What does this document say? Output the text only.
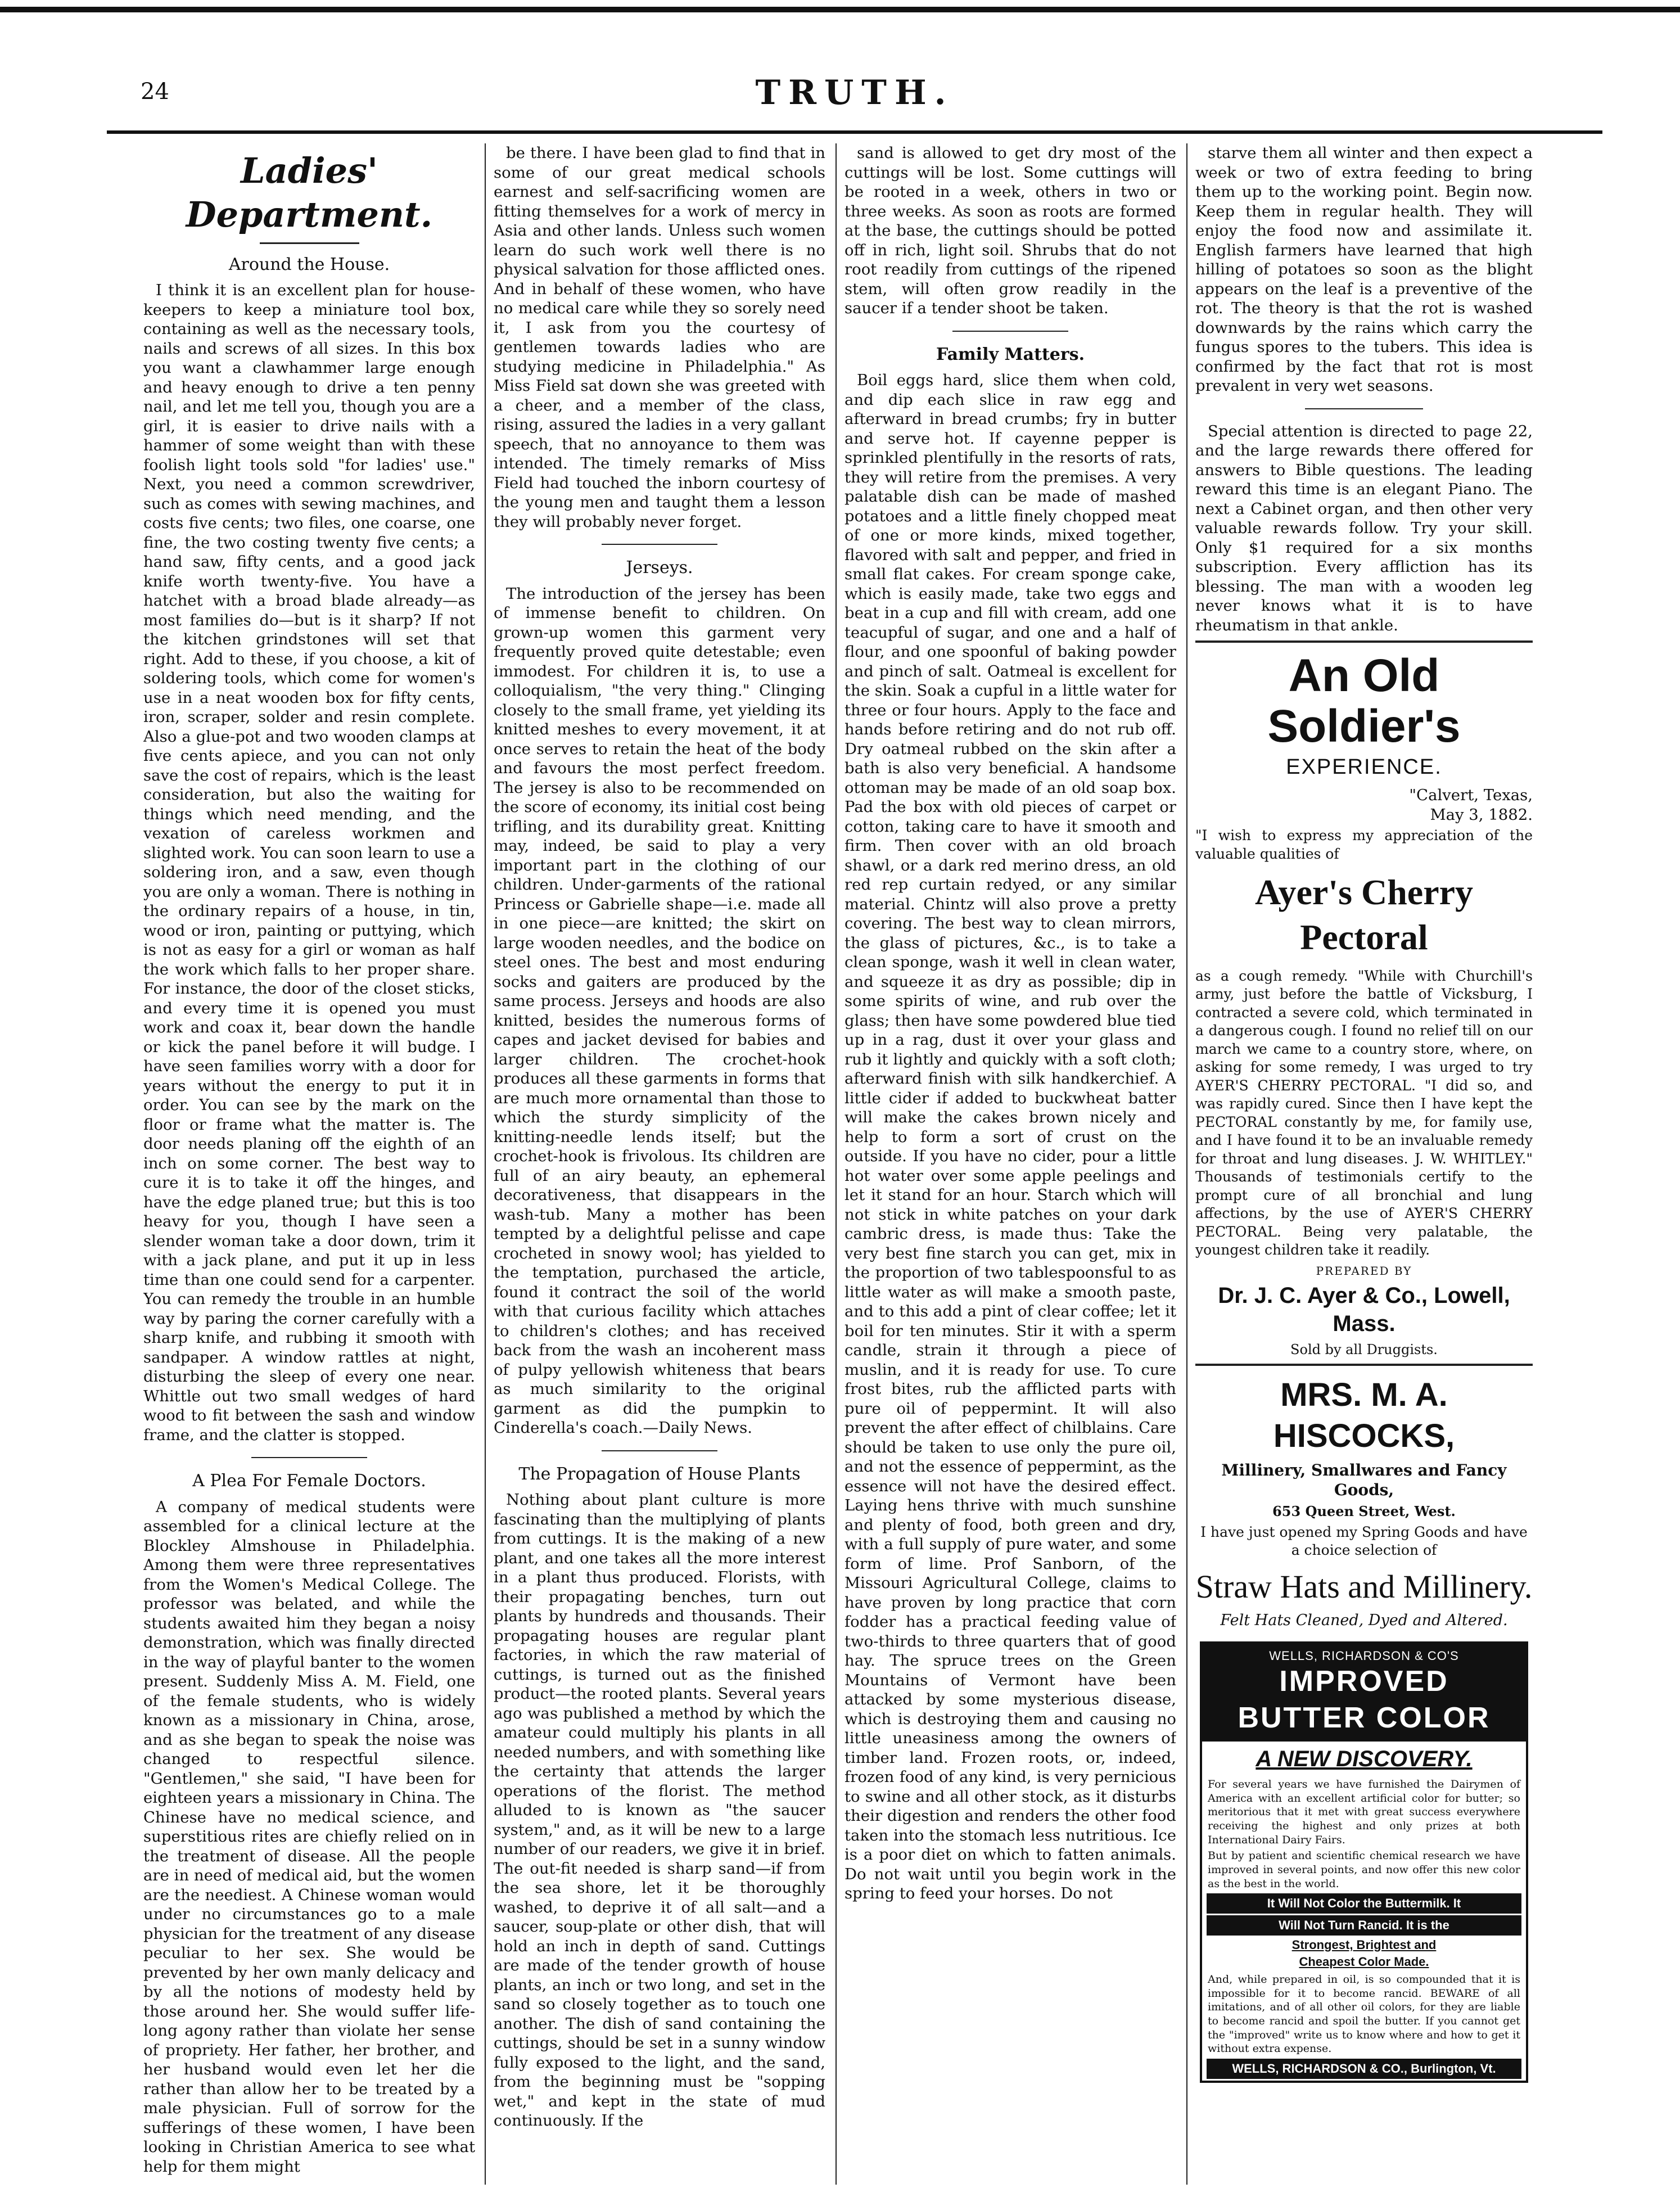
24	TRUTH.
Ladies' Department.
Around the House.

I think it is an excellent plan for house-keepers to keep a miniature tool box, containing as well as the necessary tools, nails and screws of all sizes. In this box you want a clawhammer large enough and heavy enough to drive a ten penny nail, and let me tell you, though you are a girl, it is easier to drive nails with a hammer of some weight than with these foolish light tools sold "for ladies' use." Next, you need a common screwdriver, such as comes with sewing machines, and costs five cents; two files, one coarse, one fine, the two costing twenty five cents; a hand saw, fifty cents, and a good jack knife worth twenty-five. You have a hatchet with a broad blade already—as most families do—but is it sharp? If not the kitchen grindstones will set that right. Add to these, if you choose, a kit of soldering tools, which come for women's use in a neat wooden box for fifty cents, iron, scraper, solder and resin complete. Also a glue-pot and two wooden clamps at five cents apiece, and you can not only save the cost of repairs, which is the least consideration, but also the waiting for things which need mending, and the vexation of careless workmen and slighted work. You can soon learn to use a soldering iron, and a saw, even though you are only a woman. There is nothing in the ordinary repairs of a house, in tin, wood or iron, painting or puttying, which is not as easy for a girl or woman as half the work which falls to her proper share. For instance, the door of the closet sticks, and every time it is opened you must work and coax it, bear down the handle or kick the panel before it will budge. I have seen families worry with a door for years without the energy to put it in order. You can see by the mark on the floor or frame what the matter is. The door needs planing off the eighth of an inch on some corner. The best way to cure it is to take it off the hinges, and have the edge planed true; but this is too heavy for you, though I have seen a slender woman take a door down, trim it with a jack plane, and put it up in less time than one could send for a carpenter. You can remedy the trouble in an humble way by paring the corner carefully with a sharp knife, and rubbing it smooth with sandpaper. A window rattles at night, disturbing the sleep of every one near. Whittle out two small wedges of hard wood to fit between the sash and window frame, and the clatter is stopped.

A Plea For Female Doctors.

A company of medical students were assembled for a clinical lecture at the Blockley Almshouse in Philadelphia. Among them were three representatives from the Women's Medical College. The professor was belated, and while the students awaited him they began a noisy demonstration, which was finally directed in the way of playful banter to the women present. Suddenly Miss A. M. Field, one of the female students, who is widely known as a missionary in China, arose, and as she began to speak the noise was changed to respectful silence. "Gentlemen," she said, "I have been for eighteen years a missionary in China. The Chinese have no medical science, and superstitious rites are chiefly relied on in the treatment of disease. All the people are in need of medical aid, but the women are the neediest. A Chinese woman would under no circumstances go to a male physician for the treatment of any disease peculiar to her sex. She would be prevented by her own manly delicacy and by all the notions of modesty held by those around her. She would suffer life-long agony rather than violate her sense of propriety. Her father, her brother, and her husband would even let her die rather than allow her to be treated by a male physician. Full of sorrow for the sufferings of these women, I have been looking in Christian America to see what help for them might

be there. I have been glad to find that in some of our great medical schools earnest and self-sacrificing women are fitting themselves for a work of mercy in Asia and other lands. Unless such women learn do such work well there is no physical salvation for those afflicted ones. And in behalf of these women, who have no medical care while they so sorely need it, I ask from you the courtesy of gentlemen towards ladies who are studying medicine in Philadelphia." As Miss Field sat down she was greeted with a cheer, and a member of the class, rising, assured the ladies in a very gallant speech, that no annoyance to them was intended. The timely remarks of Miss Field had touched the inborn courtesy of the young men and taught them a lesson they will probably never forget.

Jerseys.

The introduction of the jersey has been of immense benefit to children. On grown-up women this garment very frequently proved quite detestable; even immodest. For children it is, to use a colloquialism, "the very thing." Clinging closely to the small frame, yet yielding its knitted meshes to every movement, it at once serves to retain the heat of the body and favours the most perfect freedom. The jersey is also to be recommended on the score of economy, its initial cost being trifling, and its durability great. Knitting may, indeed, be said to play a very important part in the clothing of our children. Under-garments of the rational Princess or Gabrielle shape—i.e. made all in one piece—are knitted; the skirt on large wooden needles, and the bodice on steel ones. The best and most enduring socks and gaiters are produced by the same process. Jerseys and hoods are also knitted, besides the numerous forms of capes and jacket devised for babies and larger children. The crochet-hook produces all these garments in forms that are much more ornamental than those to which the sturdy simplicity of the knitting-needle lends itself; but the crochet-hook is frivolous. Its children are full of an airy beauty, an ephemeral decorativeness, that disappears in the wash-tub. Many a mother has been tempted by a delightful pelisse and cape crocheted in snowy wool; has yielded to the temptation, purchased the article, found it contract the soil of the world with that curious facility which attaches to children's clothes; and has received back from the wash an incoherent mass of pulpy yellowish whiteness that bears as much similarity to the original garment as did the pumpkin to Cinderella's coach.—Daily News.

The Propagation of House Plants

Nothing about plant culture is more fascinating than the multiplying of plants from cuttings. It is the making of a new plant, and one takes all the more interest in a plant thus produced. Florists, with their propagating benches, turn out plants by hundreds and thousands. Their propagating houses are regular plant factories, in which the raw material of cuttings, is turned out as the finished product—the rooted plants. Several years ago was published a method by which the amateur could multiply his plants in all needed numbers, and with something like the certainty that attends the larger operations of the florist. The method alluded to is known as "the saucer system," and, as it will be new to a large number of our readers, we give it in brief. The out-fit needed is sharp sand—if from the sea shore, let it be thoroughly washed, to deprive it of all salt—and a saucer, soup-plate or other dish, that will hold an inch in depth of sand. Cuttings are made of the tender growth of house plants, an inch or two long, and set in the sand so closely together as to touch one another. The dish of sand containing the cuttings, should be set in a sunny window fully exposed to the light, and the sand, from the beginning must be "sopping wet," and kept in the state of mud continuously. If the

sand is allowed to get dry most of the cuttings will be lost. Some cuttings will be rooted in a week, others in two or three weeks. As soon as roots are formed at the base, the cuttings should be potted off in rich, light soil. Shrubs that do not root readily from cuttings of the ripened stem, will often grow readily in the saucer if a tender shoot be taken.

Family Matters.

Boil eggs hard, slice them when cold, and dip each slice in raw egg and afterward in bread crumbs; fry in butter and serve hot. If cayenne pepper is sprinkled plentifully in the resorts of rats, they will retire from the premises. A very palatable dish can be made of mashed potatoes and a little finely chopped meat of one or more kinds, mixed together, flavored with salt and pepper, and fried in small flat cakes. For cream sponge cake, which is easily made, take two eggs and beat in a cup and fill with cream, add one teacupful of sugar, and one and a half of flour, and one spoonful of baking powder and pinch of salt. Oatmeal is excellent for the skin. Soak a cupful in a little water for three or four hours. Apply to the face and hands before retiring and do not rub off. Dry oatmeal rubbed on the skin after a bath is also very beneficial. A handsome ottoman may be made of an old soap box. Pad the box with old pieces of carpet or cotton, taking care to have it smooth and firm. Then cover with an old broach shawl, or a dark red merino dress, an old red rep curtain redyed, or any similar material. Chintz will also prove a pretty covering. The best way to clean mirrors, the glass of pictures, &c., is to take a clean sponge, wash it well in clean water, and squeeze it as dry as possible; dip in some spirits of wine, and rub over the glass; then have some powdered blue tied up in a rag, dust it over your glass and rub it lightly and quickly with a soft cloth; afterward finish with silk handkerchief. A little cider if added to buckwheat batter will make the cakes brown nicely and help to form a sort of crust on the outside. If you have no cider, pour a little hot water over some apple peelings and let it stand for an hour. Starch which will not stick in white patches on your dark cambric dress, is made thus: Take the very best fine starch you can get, mix in the proportion of two tablespoonsful to as little water as will make a smooth paste, and to this add a pint of clear coffee; let it boil for ten minutes. Stir it with a sperm candle, strain it through a piece of muslin, and it is ready for use. To cure frost bites, rub the afflicted parts with pure oil of peppermint. It will also prevent the after effect of chilblains. Care should be taken to use only the pure oil, and not the essence of peppermint, as the essence will not have the desired effect. Laying hens thrive with much sunshine and plenty of food, both green and dry, with a full supply of pure water, and some form of lime. Prof Sanborn, of the Missouri Agricultural College, claims to have proven by long practice that corn fodder has a practical feeding value of two-thirds to three quarters that of good hay. The spruce trees on the Green Mountains of Vermont have been attacked by some mysterious disease, which is destroying them and causing no little uneasiness among the owners of timber land. Frozen roots, or, indeed, frozen food of any kind, is very pernicious to swine and all other stock, as it disturbs their digestion and renders the other food taken into the stomach less nutritious. Ice is a poor diet on which to fatten animals. Do not wait until you begin work in the spring to feed your horses. Do not

starve them all winter and then expect a week or two of extra feeding to bring them up to the working point. Begin now. Keep them in regular health. They will enjoy the food now and assimilate it. English farmers have learned that high hilling of potatoes so soon as the blight appears on the leaf is a preventive of the rot. The theory is that the rot is washed downwards by the rains which carry the fungus spores to the tubers. This idea is confirmed by the fact that rot is most prevalent in very wet seasons.

Special attention is directed to page 22, and the large rewards there offered for answers to Bible questions. The leading reward this time is an elegant Piano. The next a Cabinet organ, and then other very valuable rewards follow. Try your skill. Only $1 required for a six months subscription. Every affliction has its blessing. The man with a wooden leg never knows what it is to have rheumatism in that ankle.

An Old Soldier's
EXPERIENCE.
"Calvert, Texas,
May 3, 1882.
"I wish to express my appreciation of the valuable qualities of
Ayer's Cherry Pectoral
as a cough remedy. "While with Churchill's army, just before the battle of Vicksburg, I contracted a severe cold, which terminated in a dangerous cough. I found no relief till on our march we came to a country store, where, on asking for some remedy, I was urged to try AYER'S CHERRY PECTORAL. "I did so, and was rapidly cured. Since then I have kept the PECTORAL constantly by me, for family use, and I have found it to be an invaluable remedy for throat and lung diseases. J. W. WHITLEY." Thousands of testimonials certify to the prompt cure of all bronchial and lung affections, by the use of AYER'S CHERRY PECTORAL. Being very palatable, the youngest children take it readily.
PREPARED BY
Dr. J. C. Ayer & Co., Lowell, Mass.
Sold by all Druggists.
MRS. M. A. HISCOCKS,
Millinery, Smallwares and Fancy Goods,
653 Queen Street, West.
I have just opened my Spring Goods and have a choice selection of
Straw Hats and Millinery.
Felt Hats Cleaned, Dyed and Altered.
WELLS, RICHARDSON & CO'S
IMPROVED
BUTTER COLOR
A NEW DISCOVERY.
For several years we have furnished the Dairymen of America with an excellent artificial color for butter; so meritorious that it met with great success everywhere receiving the highest and only prizes at both International Dairy Fairs.
But by patient and scientific chemical research we have improved in several points, and now offer this new color as the best in the world.
It Will Not Color the Buttermilk. It
Will Not Turn Rancid. It is the
Strongest, Brightest and
Cheapest Color Made.
And, while prepared in oil, is so compounded that it is impossible for it to become rancid. BEWARE of all imitations, and of all other oil colors, for they are liable to become rancid and spoil the butter. If you cannot get the "improved" write us to know where and how to get it without extra expense.
WELLS, RICHARDSON & CO., Burlington, Vt.
